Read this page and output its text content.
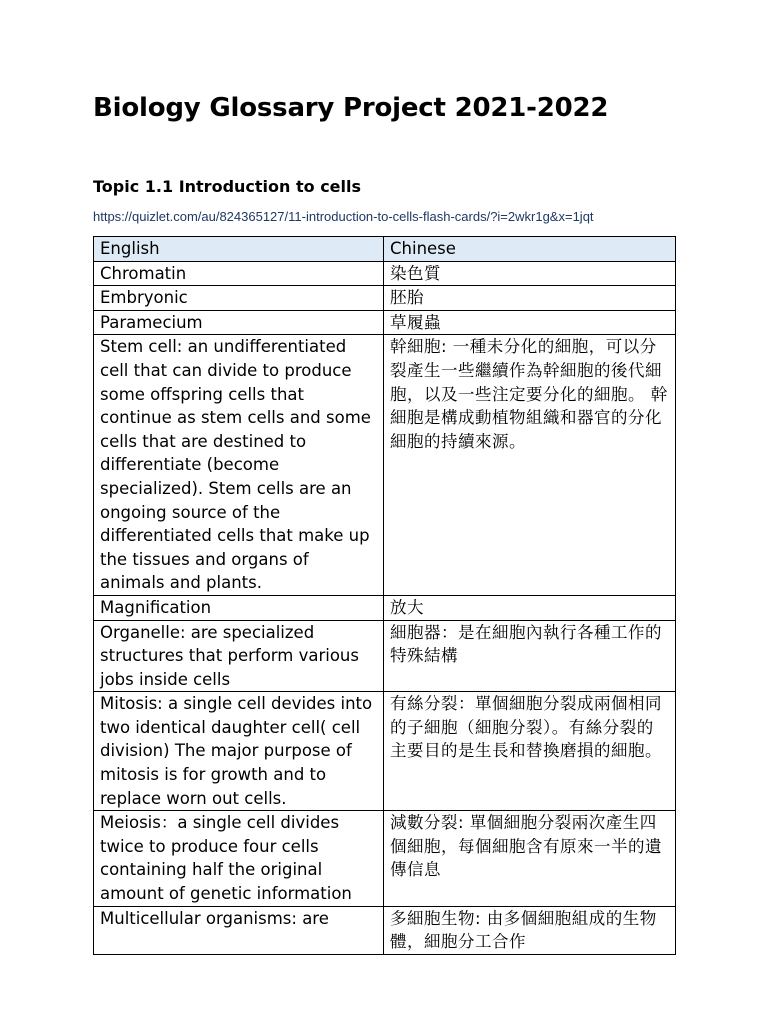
Biology Glossary Project 2021-2022
Topic 1.1 Introduction to cells
https://quizlet.com/au/824365127/11-introduction-to-cells-flash-cards/?i=2wkr1g&x=1jqt
English	Chinese
Chromatin	染色質
Embryonic	胚胎
Paramecium	草履蟲
Stem cell: an undifferentiated cell that can divide to produce some offspring cells that continue as stem cells and some cells that are destined to differentiate (become specialized). Stem cells are an ongoing source of the differentiated cells that make up the tissues and organs of animals and plants.	幹細胞: 一種未分化的細胞，可以分裂產生一些繼續作為幹細胞的後代細胞，以及一些注定要分化的細胞。 幹細胞是構成動植物組織和器官的分化細胞的持續來源。
Magnification	放大
Organelle: are specialized structures that perform various jobs inside cells	細胞器：是在細胞內執行各種工作的特殊結構
Mitosis: a single cell devides into two identical daughter cell( cell division) The major purpose of mitosis is for growth and to replace worn out cells.	有絲分裂：單個細胞分裂成兩個相同的子細胞（細胞分裂）。有絲分裂的主要目的是生長和替換磨損的細胞。
Meiosis：a single cell divides twice to produce four cells containing half the original amount of genetic information	減數分裂: 單個細胞分裂兩次產生四個細胞，每個細胞含有原來一半的遺傳信息
Multicellular organisms: are	多細胞生物: 由多個細胞組成的生物體，細胞分工合作
